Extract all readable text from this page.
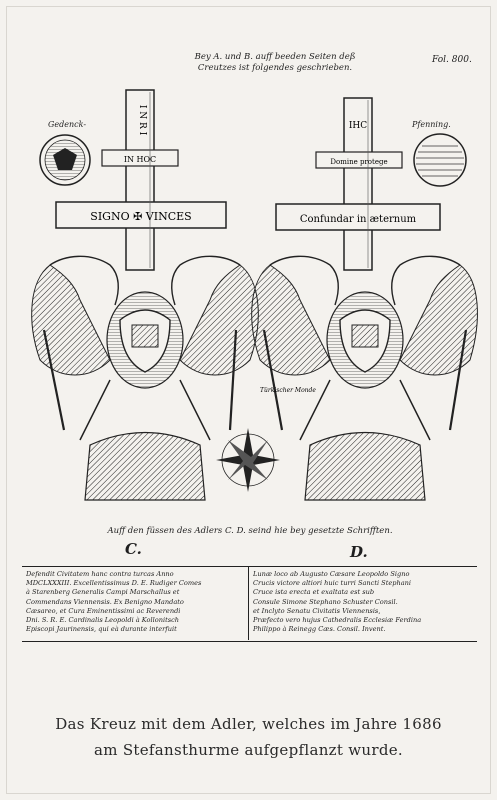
Bey A. und B. auff beeden Seiten deß
Creutzes ist folgendes geschrieben.
Fol. 800.
Gedenck-	Pfenning.
I N R I
IN HOC
SIGNO ✠ VINCES
IHC
Domine protege
Confundar in æternum
Türkischer Monde
Auff den füssen des Adlers C. D. seind hie bey gesetzte Schrifften.
C.	D.
Defendit Civitatem hanc contra turcas Anno
MDCLXXXIII. Excellentissimus D. E. Rudiger Comes
à Starenberg Generalis Campi Marschallus et
Commendans Viennensis. Ex Benigno Mandato
Cæsareo, et Cura Eminentissimi ac Reverendi
Dni. S. R. E. Cardinalis Leopoldi à Kollonitsch
Episcopi Jaurinensis, qui eà durante interfuit
Lunæ loco ab Augusto Cæsare Leopoldo Signo
Crucis victore altiori huic turri Sancti Stephani
Cruce ista erecta et exaltata est sub
Consule Simone Stephano Schuster Consil.
et Inclyto Senatu Civitatis Viennensis,
Præfecto vero hujus Cathedralis Ecclesiæ Ferdina
Philippo à Reinegg Cæs. Consil. Invent.
Das Kreuz mit dem Adler, welches im Jahre 1686
am Stefansthurme aufgepflanzt wurde.
